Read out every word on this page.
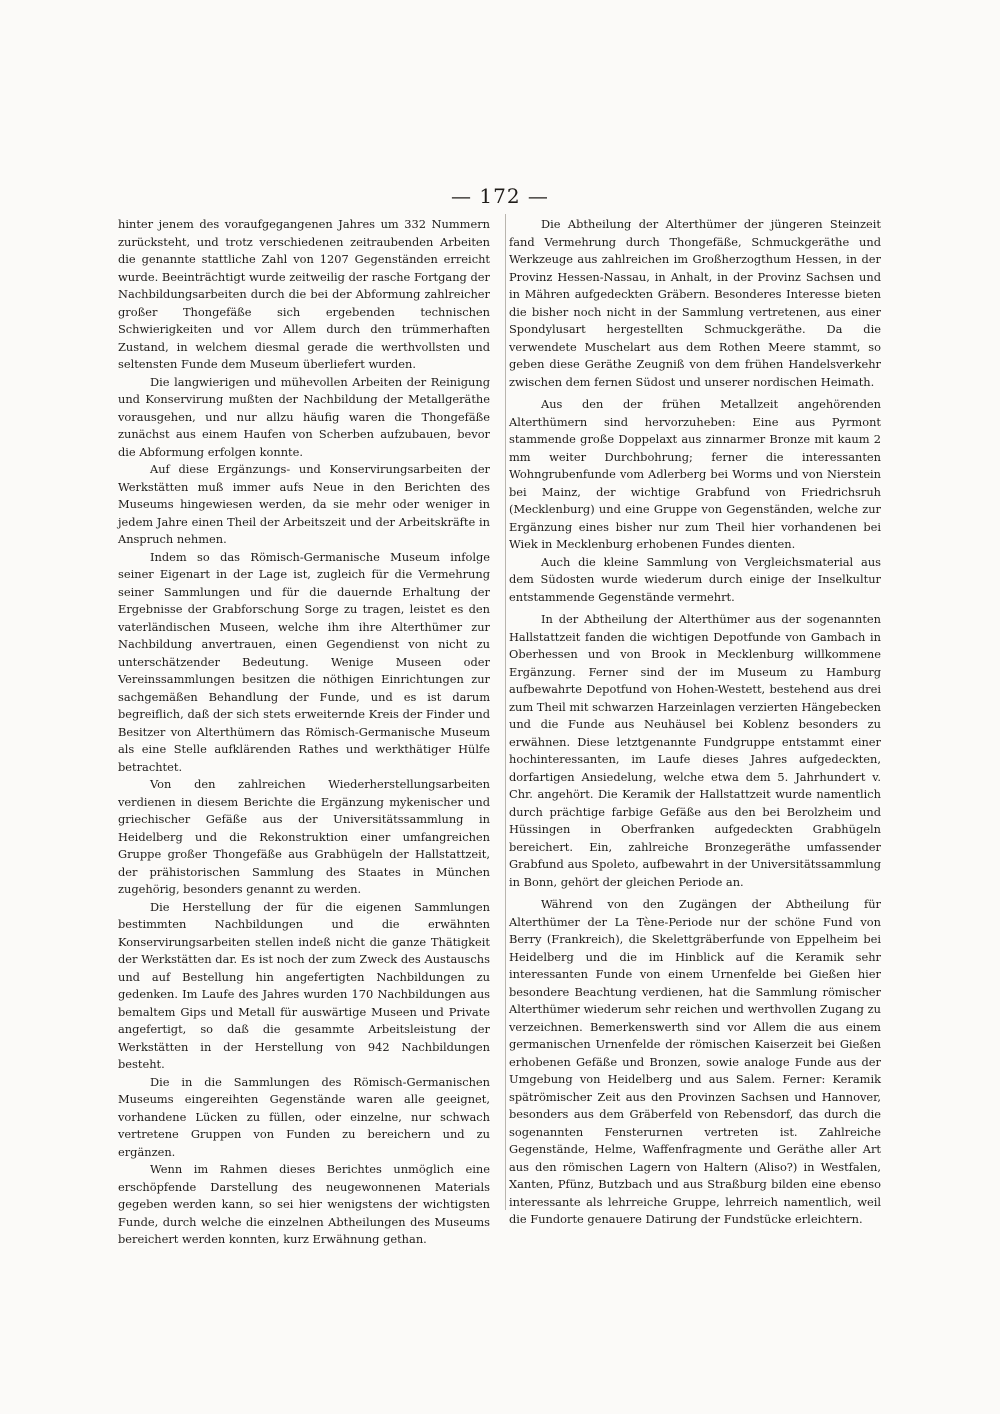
— 172 —

hinter jenem des voraufgegangenen Jahres um 332 Nummern zurücksteht, und trotz verschiedenen zeitraubenden Arbeiten die genannte stattliche Zahl von 1207 Gegenständen erreicht wurde. Beeinträchtigt wurde zeitweilig der rasche Fortgang der Nachbildungsarbeiten durch die bei der Abformung zahlreicher großer Thongefäße sich ergebenden technischen Schwierigkeiten und vor Allem durch den trümmerhaften Zustand, in welchem diesmal gerade die werthvollsten und seltensten Funde dem Museum überliefert wurden.

Die langwierigen und mühevollen Arbeiten der Reinigung und Konservirung mußten der Nachbildung der Metallgeräthe vorausgehen, und nur allzu häufig waren die Thongefäße zunächst aus einem Haufen von Scherben aufzubauen, bevor die Abformung erfolgen konnte.

Auf diese Ergänzungs- und Konservirungsarbeiten der Werkstätten muß immer aufs Neue in den Berichten des Museums hingewiesen werden, da sie mehr oder weniger in jedem Jahre einen Theil der Arbeitszeit und der Arbeitskräfte in Anspruch nehmen.

Indem so das Römisch-Germanische Museum infolge seiner Eigenart in der Lage ist, zugleich für die Vermehrung seiner Sammlungen und für die dauernde Erhaltung der Ergebnisse der Grabforschung Sorge zu tragen, leistet es den vaterländischen Museen, welche ihm ihre Alterthümer zur Nachbildung anvertrauen, einen Gegendienst von nicht zu unterschätzender Bedeutung. Wenige Museen oder Vereinssammlungen besitzen die nöthigen Einrichtungen zur sachgemäßen Behandlung der Funde, und es ist darum begreiflich, daß der sich stets erweiternde Kreis der Finder und Besitzer von Alterthümern das Römisch-Germanische Museum als eine Stelle aufklärenden Rathes und werkthätiger Hülfe betrachtet.

Von den zahlreichen Wiederherstellungsarbeiten verdienen in diesem Berichte die Ergänzung mykenischer und griechischer Gefäße aus der Universitätssammlung in Heidelberg und die Rekonstruktion einer umfangreichen Gruppe großer Thongefäße aus Grabhügeln der Hallstattzeit, der prähistorischen Sammlung des Staates in München zugehörig, besonders genannt zu werden.

Die Herstellung der für die eigenen Sammlungen bestimmten Nachbildungen und die erwähnten Konservirungsarbeiten stellen indeß nicht die ganze Thätigkeit der Werkstätten dar. Es ist noch der zum Zweck des Austauschs und auf Bestellung hin angefertigten Nachbildungen zu gedenken. Im Laufe des Jahres wurden 170 Nachbildungen aus bemaltem Gips und Metall für auswärtige Museen und Private angefertigt, so daß die gesammte Arbeitsleistung der Werkstätten in der Herstellung von 942 Nachbildungen besteht.

Die in die Sammlungen des Römisch-Germanischen Museums eingereihten Gegenstände waren alle geeignet, vorhandene Lücken zu füllen, oder einzelne, nur schwach vertretene Gruppen von Funden zu bereichern und zu ergänzen.

Wenn im Rahmen dieses Berichtes unmöglich eine erschöpfende Darstellung des neugewonnenen Materials gegeben werden kann, so sei hier wenigstens der wichtigsten Funde, durch welche die einzelnen Abtheilungen des Museums bereichert werden konnten, kurz Erwähnung gethan.

Die Abtheilung der Alterthümer der jüngeren Steinzeit fand Vermehrung durch Thongefäße, Schmuckgeräthe und Werkzeuge aus zahlreichen im Großherzogthum Hessen, in der Provinz Hessen-Nassau, in Anhalt, in der Provinz Sachsen und in Mähren aufgedeckten Gräbern. Besonderes Interesse bieten die bisher noch nicht in der Sammlung vertretenen, aus einer Spondylusart hergestellten Schmuckgeräthe. Da die verwendete Muschelart aus dem Rothen Meere stammt, so geben diese Geräthe Zeugniß von dem frühen Handelsverkehr zwischen dem fernen Südost und unserer nordischen Heimath.

Aus den der frühen Metallzeit angehörenden Alterthümern sind hervorzuheben: Eine aus Pyrmont stammende große Doppelaxt aus zinnarmer Bronze mit kaum 2 mm weiter Durchbohrung; ferner die interessanten Wohngrubenfunde vom Adlerberg bei Worms und von Nierstein bei Mainz, der wichtige Grabfund von Friedrichsruh (Mecklenburg) und eine Gruppe von Gegenständen, welche zur Ergänzung eines bisher nur zum Theil hier vorhandenen bei Wiek in Mecklenburg erhobenen Fundes dienten.

Auch die kleine Sammlung von Vergleichsmaterial aus dem Südosten wurde wiederum durch einige der Inselkultur entstammende Gegenstände vermehrt.

In der Abtheilung der Alterthümer aus der sogenannten Hallstattzeit fanden die wichtigen Depotfunde von Gambach in Oberhessen und von Brook in Mecklenburg willkommene Ergänzung. Ferner sind der im Museum zu Hamburg aufbewahrte Depotfund von Hohen-Westett, bestehend aus drei zum Theil mit schwarzen Harzeinlagen verzierten Hängebecken und die Funde aus Neuhäusel bei Koblenz besonders zu erwähnen. Diese letztgenannte Fundgruppe entstammt einer hochinteressanten, im Laufe dieses Jahres aufgedeckten, dorfartigen Ansiedelung, welche etwa dem 5. Jahrhundert v. Chr. angehört. Die Keramik der Hallstattzeit wurde namentlich durch prächtige farbige Gefäße aus den bei Berolzheim und Hüssingen in Oberfranken aufgedeckten Grabhügeln bereichert. Ein, zahlreiche Bronzegeräthe umfassender Grabfund aus Spoleto, aufbewahrt in der Universitätssammlung in Bonn, gehört der gleichen Periode an.

Während von den Zugängen der Abtheilung für Alterthümer der La Tène-Periode nur der schöne Fund von Berry (Frankreich), die Skelettgräberfunde von Eppelheim bei Heidelberg und die im Hinblick auf die Keramik sehr interessanten Funde von einem Urnenfelde bei Gießen hier besondere Beachtung verdienen, hat die Sammlung römischer Alterthümer wiederum sehr reichen und werthvollen Zugang zu verzeichnen. Bemerkenswerth sind vor Allem die aus einem germanischen Urnenfelde der römischen Kaiserzeit bei Gießen erhobenen Gefäße und Bronzen, sowie analoge Funde aus der Umgebung von Heidelberg und aus Salem. Ferner: Keramik spätrömischer Zeit aus den Provinzen Sachsen und Hannover, besonders aus dem Gräberfeld von Rebensdorf, das durch die sogenannten Fensterurnen vertreten ist. Zahlreiche Gegenstände, Helme, Waffenfragmente und Geräthe aller Art aus den römischen Lagern von Haltern (Aliso?) in Westfalen, Xanten, Pfünz, Butzbach und aus Straßburg bilden eine ebenso interessante als lehrreiche Gruppe, lehrreich namentlich, weil die Fundorte genauere Datirung der Fundstücke erleichtern.
